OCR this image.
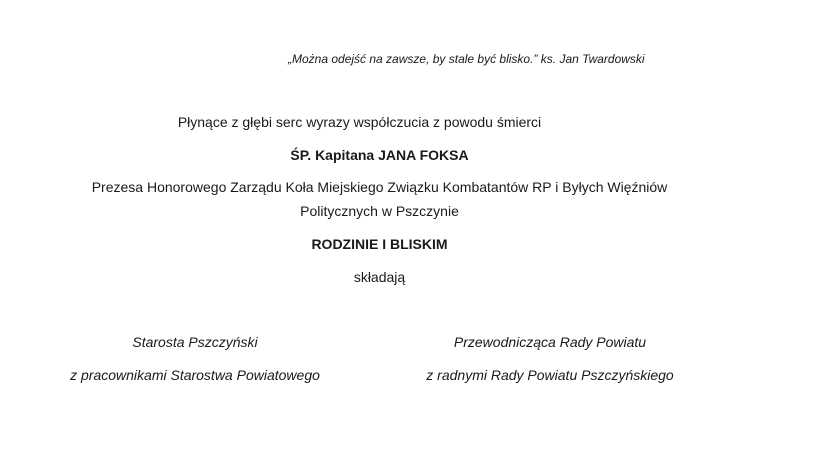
„Można odejść na zawsze, by stale być blisko.” ks. Jan Twardowski
Płynące z głębi serc wyrazy współczucia z powodu śmierci
ŚP. Kapitana JANA FOKSA
Prezesa Honorowego Zarządu Koła Miejskiego Związku Kombatantów RP i Byłych Więźniów
Politycznych w Pszczynie
RODZINIE I BLISKIM
składają
Starosta Pszczyński
z pracownikami Starostwa Powiatowego
Przewodnicząca Rady Powiatu
z radnymi Rady Powiatu Pszczyńskiego
